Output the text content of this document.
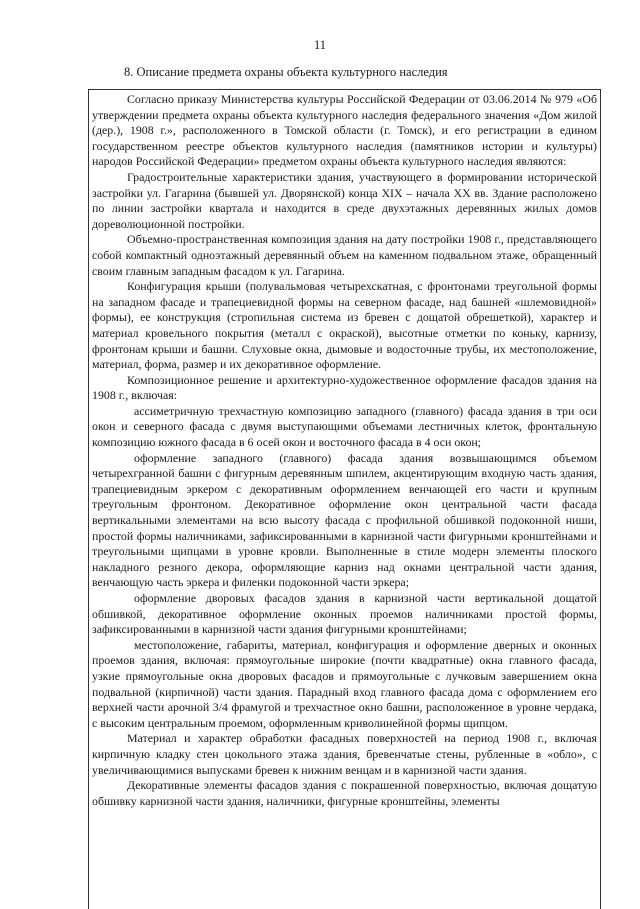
11
8. Описание предмета охраны объекта культурного наследия

Согласно приказу Министерства культуры Российской Федерации от 03.06.2014 № 979 «Об утверждении предмета охраны объекта культурного наследия федерального значения «Дом жилой (дер.), 1908 г.», расположенного в Томской области (г. Томск), и его регистрации в едином государственном реестре объектов культурного наследия (памятников истории и культуры) народов Российской Федерации» предметом охраны объекта культурного наследия являются:

Градостроительные характеристики здания, участвующего в формировании исторической застройки ул. Гагарина (бывшей ул. Дворянской) конца XIX – начала XX вв. Здание расположено по линии застройки квартала и находится в среде двухэтажных деревянных жилых домов дореволюционной постройки.

Объемно-пространственная композиция здания на дату постройки 1908 г., представляющего собой компактный одноэтажный деревянный объем на каменном подвальном этаже, обращенный своим главным западным фасадом к ул. Гагарина.

Конфигурация крыши (полувальмовая четырехскатная, с фронтонами треугольной формы на западном фасаде и трапециевидной формы на северном фасаде, над башней «шлемовидной» формы), ее конструкция (стропильная система из бревен с дощатой обрешеткой), характер и материал кровельного покрытия (металл с окраской), высотные отметки по коньку, карнизу, фронтонам крыши и башни. Слуховые окна, дымовые и водосточные трубы, их местоположение, материал, форма, размер и их декоративное оформление.

Композиционное решение и архитектурно-художественное оформление фасадов здания на 1908 г., включая:

ассиметричную трехчастную композицию западного (главного) фасада здания в три оси окон и северного фасада с двумя выступающими объемами лестничных клеток, фронтальную композицию южного фасада в 6 осей окон и восточного фасада в 4 оси окон;

оформление западного (главного) фасада здания возвышающимся объемом четырехгранной башни с фигурным деревянным шпилем, акцентирующим входную часть здания, трапециевидным эркером с декоративным оформлением венчающей его части и крупным треугольным фронтоном. Декоративное оформление окон центральной части фасада вертикальными элементами на всю высоту фасада с профильной обшивкой подоконной ниши, простой формы наличниками, зафиксированными в карнизной части фигурными кронштейнами и треугольными щипцами в уровне кровли. Выполненные в стиле модерн элементы плоского накладного резного декора, оформляющие карниз над окнами центральной части здания, венчающую часть эркера и филенки подоконной части эркера;

оформление дворовых фасадов здания в карнизной части вертикальной дощатой обшивкой, декоративное оформление оконных проемов наличниками простой формы, зафиксированными в карнизной части здания фигурными кронштейнами;

местоположение, габариты, материал, конфигурация и оформление дверных и оконных проемов здания, включая: прямоугольные широкие (почти квадратные) окна главного фасада, узкие прямоугольные окна дворовых фасадов и прямоугольные с лучковым завершением окна подвальной (кирпичной) части здания. Парадный вход главного фасада дома с оформлением его верхней части арочной 3/4 фрамугой и трехчастное окно башни, расположенное в уровне чердака, с высоким центральным проемом, оформленным криволинейной формы щипцом.

Материал и характер обработки фасадных поверхностей на период 1908 г., включая кирпичную кладку стен цокольного этажа здания, бревенчатые стены, рубленные в «обло», с увеличивающимися выпусками бревен к нижним венцам и в карнизной части здания.

Декоративные элементы фасадов здания с покрашенной поверхностью, включая дощатую обшивку карнизной части здания, наличники, фигурные кронштейны, элементы
